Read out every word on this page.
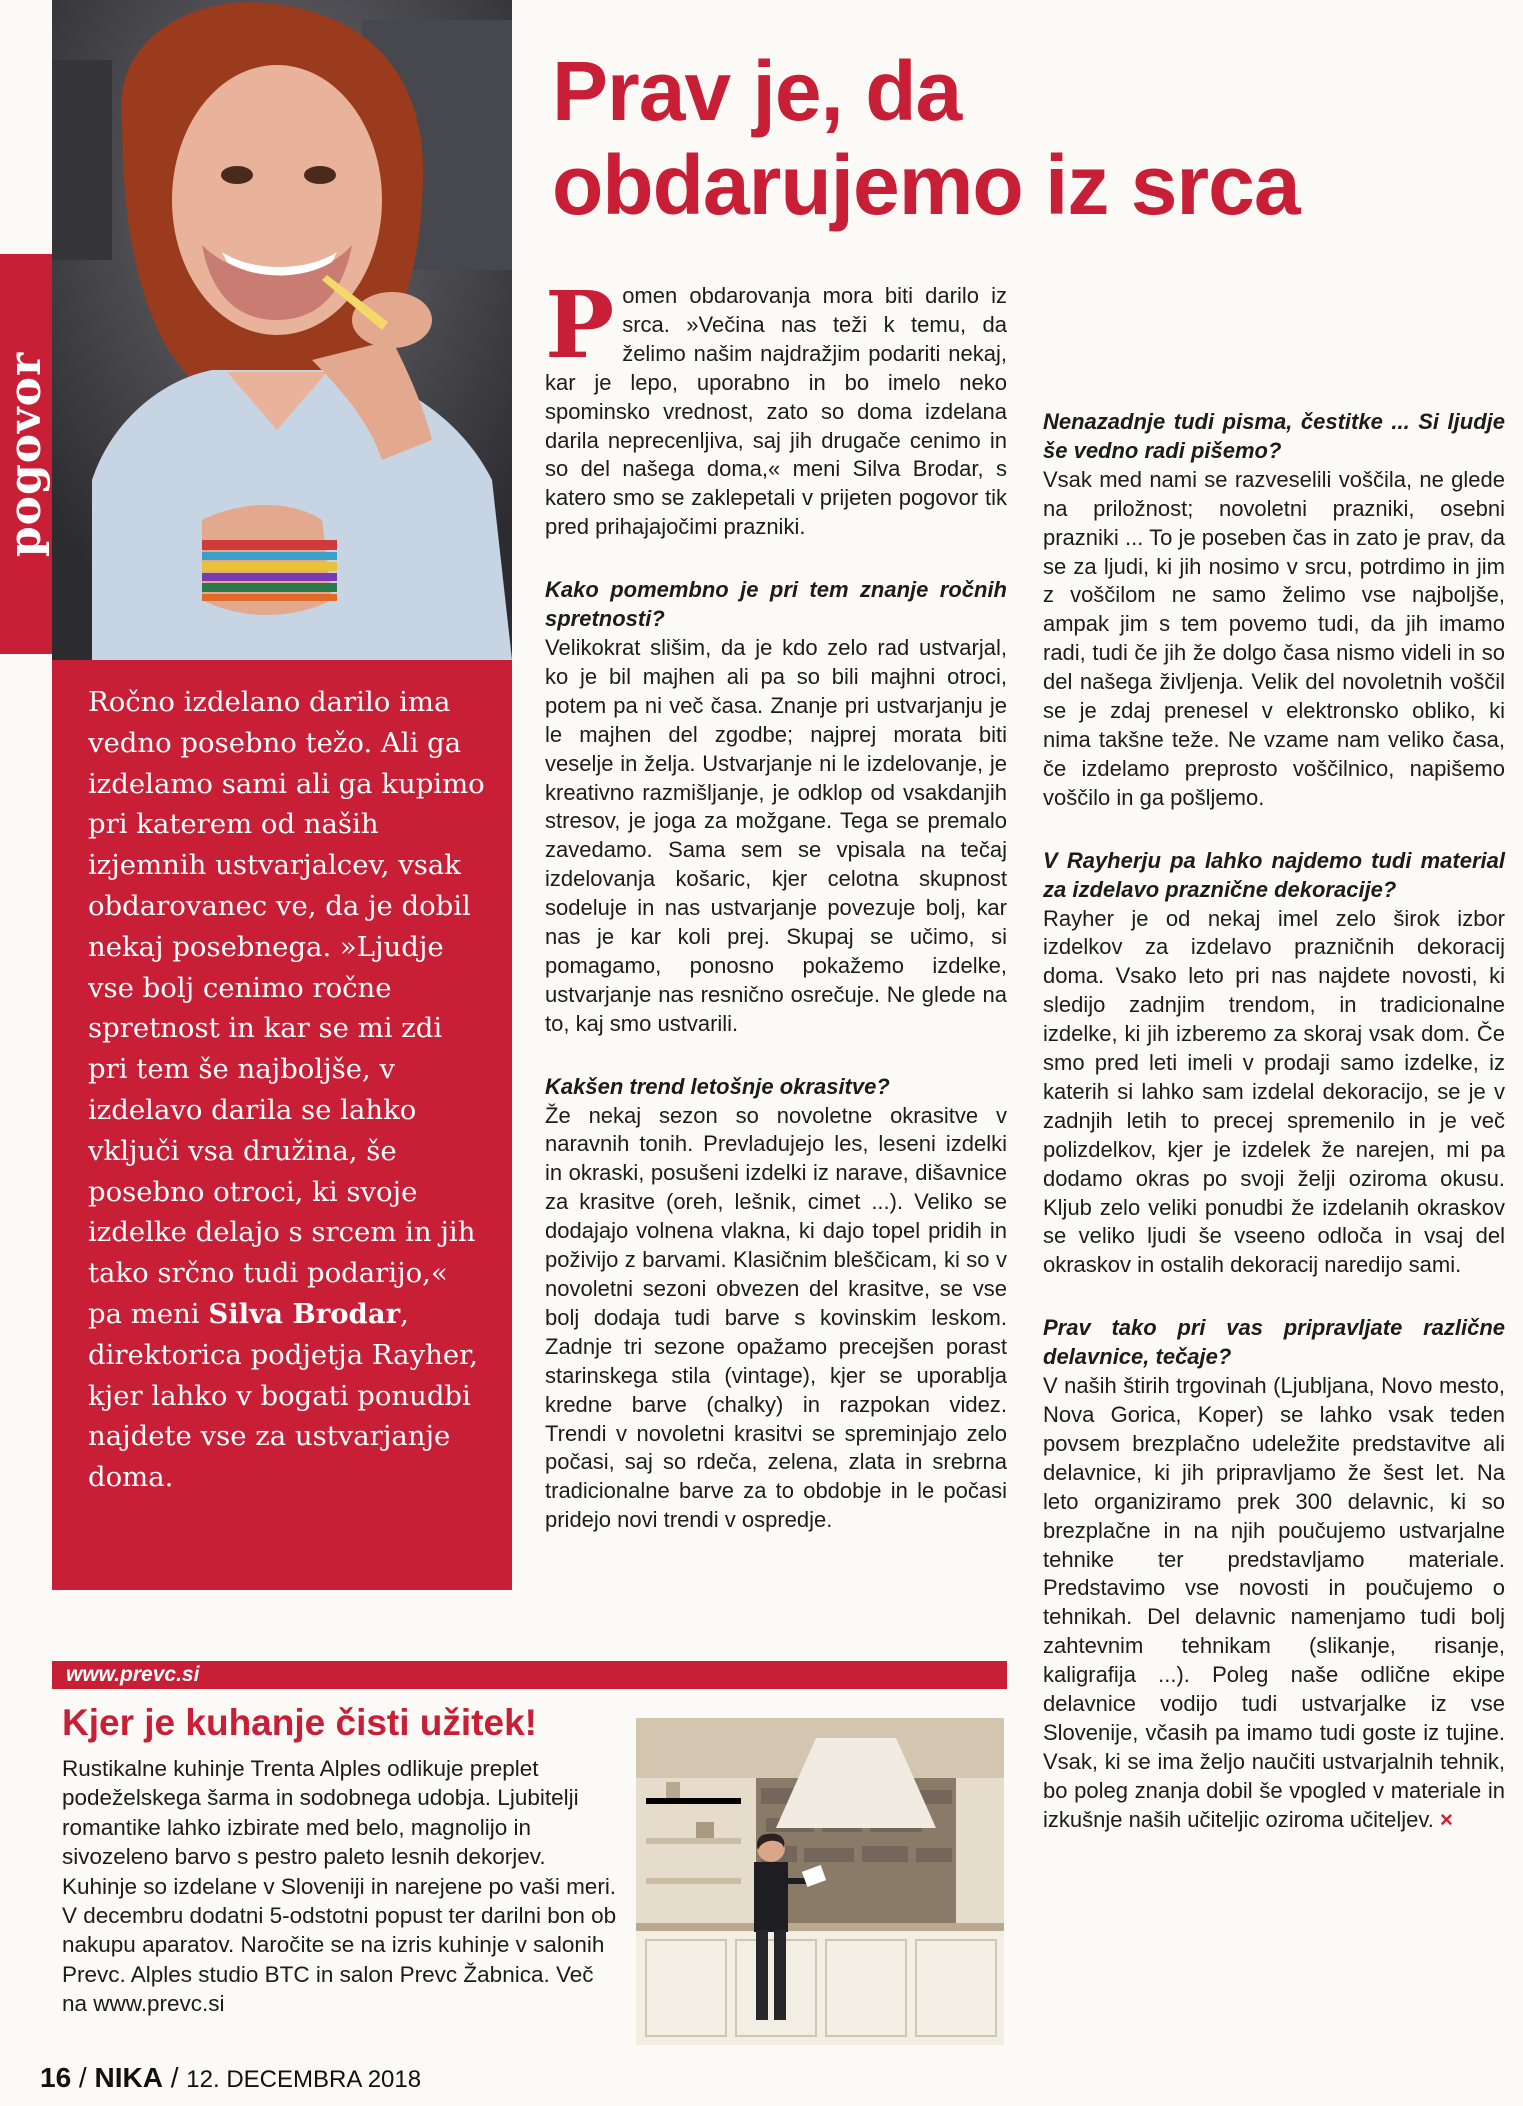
pogovor
Prav je, da
obdarujemo iz srca
Ročno izdelano darilo ima vedno posebno težo. Ali ga izdelamo sami ali ga kupimo pri katerem od naših izjemnih ustvarjalcev, vsak obdarovanec ve, da je dobil nekaj posebnega. »Ljudje vse bolj cenimo ročne spretnost in kar se mi zdi pri tem še najboljše, v izdelavo darila se lahko vključi vsa družina, še posebno otroci, ki svoje izdelke delajo s srcem in jih tako srčno tudi podarijo,« pa meni Silva Brodar, direktorica podjetja Rayher, kjer lahko v bogati ponudbi najdete vse za ustvarjanje doma.

Pomen obdarovanja mora biti darilo iz srca. »Večina nas teži k temu, da želimo našim najdražjim podariti nekaj, kar je lepo, uporabno in bo imelo neko spominsko vrednost, zato so doma izdelana darila neprecenljiva, saj jih drugače cenimo in so del našega doma,« meni Silva Brodar, s katero smo se zaklepetali v prijeten pogovor tik pred prihajajočimi prazniki.

Kako pomembno je pri tem znanje ročnih spretnosti?

Velikokrat slišim, da je kdo zelo rad ustvarjal, ko je bil majhen ali pa so bili majhni otroci, potem pa ni več časa. Znanje pri ustvarjanju je le majhen del zgodbe; najprej morata biti veselje in želja. Ustvarjanje ni le izdelovanje, je kreativno razmišljanje, je odklop od vsakdanjih stresov, je joga za možgane. Tega se premalo zavedamo. Sama sem se vpisala na tečaj izdelovanja košaric, kjer celotna skupnost sodeluje in nas ustvarjanje povezuje bolj, kar nas je kar koli prej. Skupaj se učimo, si pomagamo, ponosno pokažemo izdelke, ustvarjanje nas resnično osrečuje. Ne glede na to, kaj smo ustvarili.

Kakšen trend letošnje okrasitve?

Že nekaj sezon so novoletne okrasitve v naravnih tonih. Prevladujejo les, leseni izdelki in okraski, posušeni izdelki iz narave, dišavnice za krasitve (oreh, lešnik, cimet ...). Veliko se dodajajo volnena vlakna, ki dajo topel pridih in poživijo z barvami. Klasičnim bleščicam, ki so v novoletni sezoni obvezen del krasitve, se vse bolj dodaja tudi barve s kovinskim leskom. Zadnje tri sezone opažamo precejšen porast starinskega stila (vintage), kjer se uporablja kredne barve (chalky) in razpokan videz. Trendi v novoletni krasitvi se spreminjajo zelo počasi, saj so rdeča, zelena, zlata in srebrna tradicionalne barve za to obdobje in le počasi pridejo novi trendi v ospredje.

Nenazadnje tudi pisma, čestitke ... Si ljudje še vedno radi pišemo?

Vsak med nami se razveselili voščila, ne glede na priložnost; novoletni prazniki, osebni prazniki ... To je poseben čas in zato je prav, da se za ljudi, ki jih nosimo v srcu, potrdimo in jim z voščilom ne samo želimo vse najboljše, ampak jim s tem povemo tudi, da jih imamo radi, tudi če jih že dolgo časa nismo videli in so del našega življenja. Velik del novoletnih voščil se je zdaj prenesel v elektronsko obliko, ki nima takšne teže. Ne vzame nam veliko časa, če izdelamo preprosto voščilnico, napišemo voščilo in ga pošljemo.

V Rayherju pa lahko najdemo tudi material za izdelavo praznične dekoracije?

Rayher je od nekaj imel zelo širok izbor izdelkov za izdelavo prazničnih dekoracij doma. Vsako leto pri nas najdete novosti, ki sledijo zadnjim trendom, in tradicionalne izdelke, ki jih izberemo za skoraj vsak dom. Če smo pred leti imeli v prodaji samo izdelke, iz katerih si lahko sam izdelal dekoracijo, se je v zadnjih letih to precej spremenilo in je več polizdelkov, kjer je izdelek že narejen, mi pa dodamo okras po svoji želji oziroma okusu. Kljub zelo veliki ponudbi že izdelanih okraskov se veliko ljudi še vseeno odloča in vsaj del okraskov in ostalih dekoracij naredijo sami.

Prav tako pri vas pripravljate različne delavnice, tečaje?

V naših štirih trgovinah (Ljubljana, Novo mesto, Nova Gorica, Koper) se lahko vsak teden povsem brezplačno udeležite predstavitve ali delavnice, ki jih pripravljamo že šest let. Na leto organiziramo prek 300 delavnic, ki so brezplačne in na njih poučujemo ustvarjalne tehnike ter predstavljamo materiale. Predstavimo vse novosti in poučujemo o tehnikah. Del delavnic namenjamo tudi bolj zahtevnim tehnikam (slikanje, risanje, kaligrafija ...). Poleg naše odlične ekipe delavnice vodijo tudi ustvarjalke iz vse Slovenije, včasih pa imamo tudi goste iz tujine. Vsak, ki se ima željo naučiti ustvarjalnih tehnik, bo poleg znanja dobil še vpogled v materiale in izkušnje naših učiteljic oziroma učiteljev. ×

www.prevc.si
Kjer je kuhanje čisti užitek!
Rustikalne kuhinje Trenta Alples odlikuje preplet podeželskega šarma in sodobnega udobja. Ljubitelji romantike lahko izbirate med belo, magnolijo in sivozeleno barvo s pestro paleto lesnih dekorjev. Kuhinje so izdelane v Sloveniji in narejene po vaši meri. V decembru dodatni 5-odstotni popust ter darilni bon ob nakupu aparatov. Naročite se na izris kuhinje v salonih Prevc. Alples studio BTC in salon Prevc Žabnica. Več na www.prevc.si
16 / NIKA / 12. DECEMBRA 2018
